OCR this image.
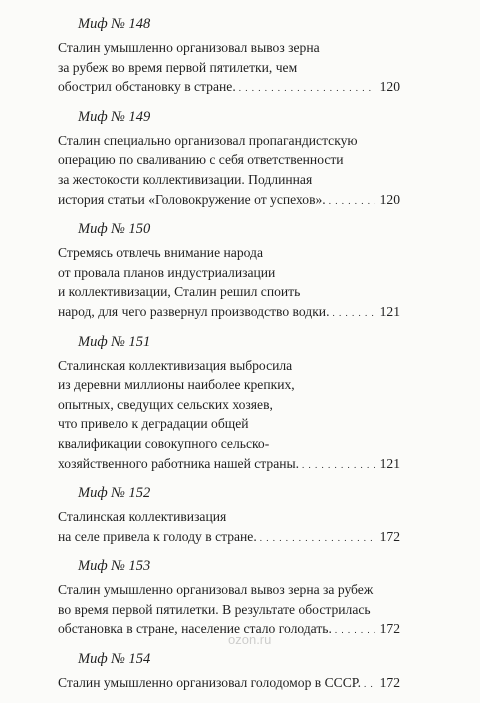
Миф № 148
Сталин умышленно организовал вывоз зерна
за рубеж во время первой пятилетки, чем
обострил обстановку в стране. . . .	120
Миф № 149
Сталин специально организовал пропагандистскую
операцию по сваливанию с себя ответственности
за жестокости коллективизации. Подлинная
история статьи «Головокружение от успехов». . . .	120
Миф № 150
Стремясь отвлечь внимание народа
от провала планов индустриализации
и коллективизации, Сталин решил споить
народ, для чего развернул производство водки. . . .	121
Миф № 151
Сталинская коллективизация выбросила
из деревни миллионы наиболее крепких,
опытных, сведущих сельских хозяев,
что привело к деградации общей
квалификации совокупного сельско-
хозяйственного работника нашей страны. . . .	121
Миф № 152
Сталинская коллективизация
на селе привела к голоду в стране. . . .	172
Миф № 153
Сталин умышленно организовал вывоз зерна за рубеж
во время первой пятилетки. В результате обострилась
обстановка в стране, население стало голодать. . . .	172
Миф № 154
Сталин умышленно организовал голодомор в СССР. . . . 172
ozon.ru
